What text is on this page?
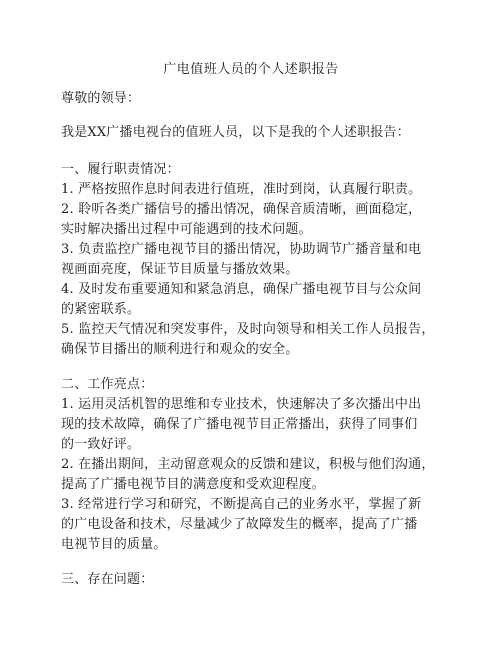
广电值班人员的个人述职报告
尊敬的领导：
我是XX广播电视台的值班人员，以下是我的个人述职报告：
一、履行职责情况：
1. 严格按照作息时间表进行值班，准时到岗，认真履行职责。
2. 聆听各类广播信号的播出情况，确保音质清晰，画面稳定，
实时解决播出过程中可能遇到的技术问题。
3. 负责监控广播电视节目的播出情况，协助调节广播音量和电
视画面亮度，保证节目质量与播放效果。
4. 及时发布重要通知和紧急消息，确保广播电视节目与公众间
的紧密联系。
5. 监控天气情况和突发事件，及时向领导和相关工作人员报告，
确保节目播出的顺利进行和观众的安全。
二、工作亮点：
1. 运用灵活机智的思维和专业技术，快速解决了多次播出中出
现的技术故障，确保了广播电视节目正常播出，获得了同事们
的一致好评。
2. 在播出期间，主动留意观众的反馈和建议，积极与他们沟通，
提高了广播电视节目的满意度和受欢迎程度。
3. 经常进行学习和研究，不断提高自己的业务水平，掌握了新
的广电设备和技术，尽量减少了故障发生的概率，提高了广播
电视节目的质量。
三、存在问题：
